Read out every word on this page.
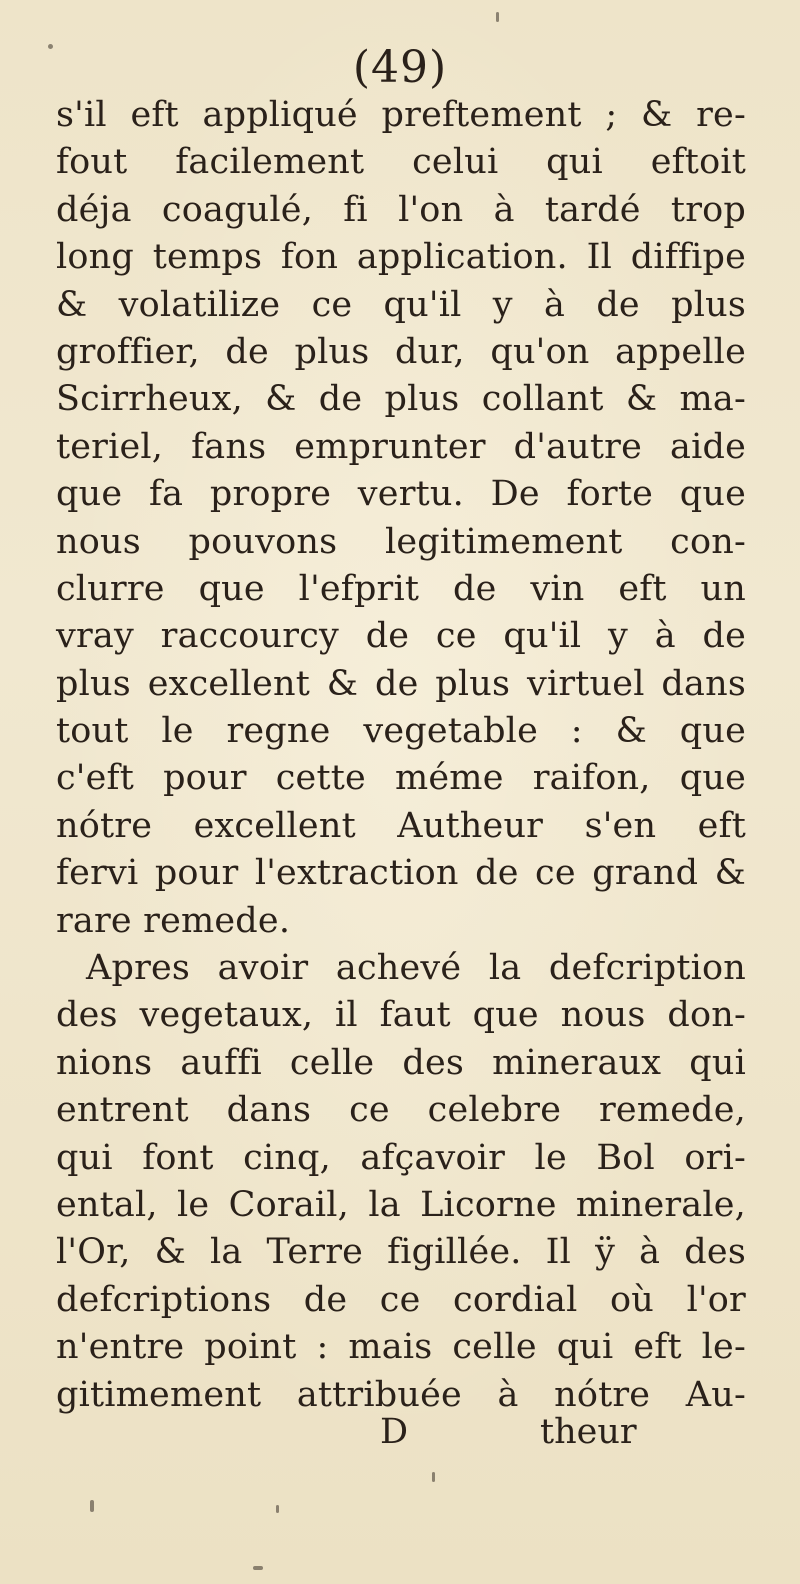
(49)
s'il eft appliqué preftement ; & re-
fout facilement celui qui eftoit
déja coagulé, fi l'on à tardé trop
long temps fon application. Il diffipe
& volatilize ce qu'il y à de plus
groffier, de plus dur, qu'on appelle
Scirrheux, & de plus collant & ma-
teriel, fans emprunter d'autre aide
que fa propre vertu. De forte que
nous pouvons legitimement con-
clurre que l'efprit de vin eft un
vray raccourcy de ce qu'il y à de
plus excellent & de plus virtuel dans
tout le regne vegetable : & que
c'eft pour cette méme raifon, que
nótre excellent Autheur s'en eft
fervi pour l'extraction de ce grand &
rare remede.
Apres avoir achevé la defcription
des vegetaux, il faut que nous don-
nions auffi celle des mineraux qui
entrent dans ce celebre remede,
qui font cinq, afçavoir le Bol ori-
ental, le Corail, la Licorne minerale,
l'Or, & la Terre figillée. Il ÿ à des
defcriptions de ce cordial où l'or
n'entre point : mais celle qui eft le-
gitimement attribuée à nótre Au-
D	theur
